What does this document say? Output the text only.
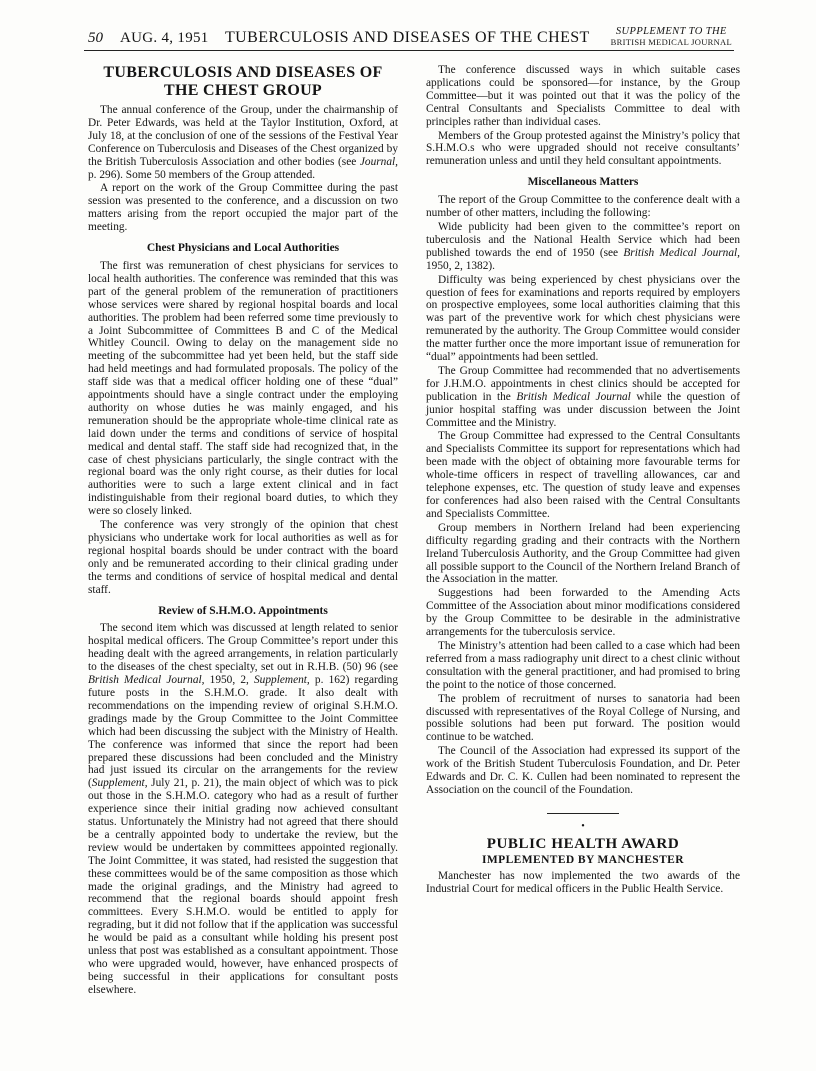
50 AUG. 4, 1951 TUBERCULOSIS AND DISEASES OF THE CHEST	SUPPLEMENT TO THE
BRITISH MEDICAL JOURNAL
TUBERCULOSIS AND DISEASES OF
THE CHEST GROUP

The annual conference of the Group, under the chairmanship of Dr. Peter Edwards, was held at the Taylor Institution, Oxford, at July 18, at the conclusion of one of the sessions of the Festival Year Conference on Tuberculosis and Diseases of the Chest organized by the British Tuberculosis Association and other bodies (see Journal, p. 296). Some 50 members of the Group attended.

A report on the work of the Group Committee during the past session was presented to the conference, and a discussion on two matters arising from the report occupied the major part of the meeting.

Chest Physicians and Local Authorities

The first was remuneration of chest physicians for services to local health authorities. The conference was reminded that this was part of the general problem of the remuneration of practitioners whose services were shared by regional hospital boards and local authorities. The problem had been referred some time previously to a Joint Subcommittee of Committees B and C of the Medical Whitley Council. Owing to delay on the management side no meeting of the subcommittee had yet been held, but the staff side had held meetings and had formulated proposals. The policy of the staff side was that a medical officer holding one of these “dual” appointments should have a single contract under the employing authority on whose duties he was mainly engaged, and his remuneration should be the appropriate whole-time clinical rate as laid down under the terms and conditions of service of hospital medical and dental staff. The staff side had recognized that, in the case of chest physicians particularly, the single contract with the regional board was the only right course, as their duties for local authorities were to such a large extent clinical and in fact indistinguishable from their regional board duties, to which they were so closely linked.

The conference was very strongly of the opinion that chest physicians who undertake work for local authorities as well as for regional hospital boards should be under contract with the board only and be remunerated according to their clinical grading under the terms and conditions of service of hospital medical and dental staff.

Review of S.H.M.O. Appointments

The second item which was discussed at length related to senior hospital medical officers. The Group Committee’s report under this heading dealt with the agreed arrangements, in relation particularly to the diseases of the chest specialty, set out in R.H.B. (50) 96 (see British Medical Journal, 1950, 2, Supplement, p. 162) regarding future posts in the S.H.M.O. grade. It also dealt with recommendations on the impending review of original S.H.M.O. gradings made by the Group Committee to the Joint Committee which had been discussing the subject with the Ministry of Health. The conference was informed that since the report had been prepared these discussions had been concluded and the Ministry had just issued its circular on the arrangements for the review (Supplement, July 21, p. 21), the main object of which was to pick out those in the S.H.M.O. category who had as a result of further experience since their initial grading now achieved consultant status. Unfortunately the Ministry had not agreed that there should be a centrally appointed body to undertake the review, but the review would be undertaken by committees appointed regionally. The Joint Committee, it was stated, had resisted the suggestion that these committees would be of the same composition as those which made the original gradings, and the Ministry had agreed to recommend that the regional boards should appoint fresh committees. Every S.H.M.O. would be entitled to apply for regrading, but it did not follow that if the application was successful he would be paid as a consultant while holding his present post unless that post was established as a consultant appointment. Those who were upgraded would, however, have enhanced prospects of being successful in their applications for consultant posts elsewhere.

The conference discussed ways in which suitable cases applications could be sponsored—for instance, by the Group Committee—but it was pointed out that it was the policy of the Central Consultants and Specialists Committee to deal with principles rather than individual cases.

Members of the Group protested against the Ministry’s policy that S.H.M.O.s who were upgraded should not receive consultants’ remuneration unless and until they held consultant appointments.

Miscellaneous Matters

The report of the Group Committee to the conference dealt with a number of other matters, including the following:

Wide publicity had been given to the committee’s report on tuberculosis and the National Health Service which had been published towards the end of 1950 (see British Medical Journal, 1950, 2, 1382).

Difficulty was being experienced by chest physicians over the question of fees for examinations and reports required by employers on prospective employees, some local authorities claiming that this was part of the preventive work for which chest physicians were remunerated by the authority. The Group Committee would consider the matter further once the more important issue of remuneration for “dual” appointments had been settled.

The Group Committee had recommended that no advertisements for J.H.M.O. appointments in chest clinics should be accepted for publication in the British Medical Journal while the question of junior hospital staffing was under discussion between the Joint Committee and the Ministry.

The Group Committee had expressed to the Central Consultants and Specialists Committee its support for representations which had been made with the object of obtaining more favourable terms for whole-time officers in respect of travelling allowances, car and telephone expenses, etc. The question of study leave and expenses for conferences had also been raised with the Central Consultants and Specialists Committee.

Group members in Northern Ireland had been experiencing difficulty regarding grading and their contracts with the Northern Ireland Tuberculosis Authority, and the Group Committee had given all possible support to the Council of the Northern Ireland Branch of the Association in the matter.

Suggestions had been forwarded to the Amending Acts Committee of the Association about minor modifications considered by the Group Committee to be desirable in the administrative arrangements for the tuberculosis service.

The Ministry’s attention had been called to a case which had been referred from a mass radiography unit direct to a chest clinic without consultation with the general practitioner, and had promised to bring the point to the notice of those concerned.

The problem of recruitment of nurses to sanatoria had been discussed with representatives of the Royal College of Nursing, and possible solutions had been put forward. The position would continue to be watched.

The Council of the Association had expressed its support of the work of the British Student Tuberculosis Foundation, and Dr. Peter Edwards and Dr. C. K. Cullen had been nominated to represent the Association on the council of the Foundation.

•
PUBLIC HEALTH AWARD
IMPLEMENTED BY MANCHESTER

Manchester has now implemented the two awards of the Industrial Court for medical officers in the Public Health Service.
